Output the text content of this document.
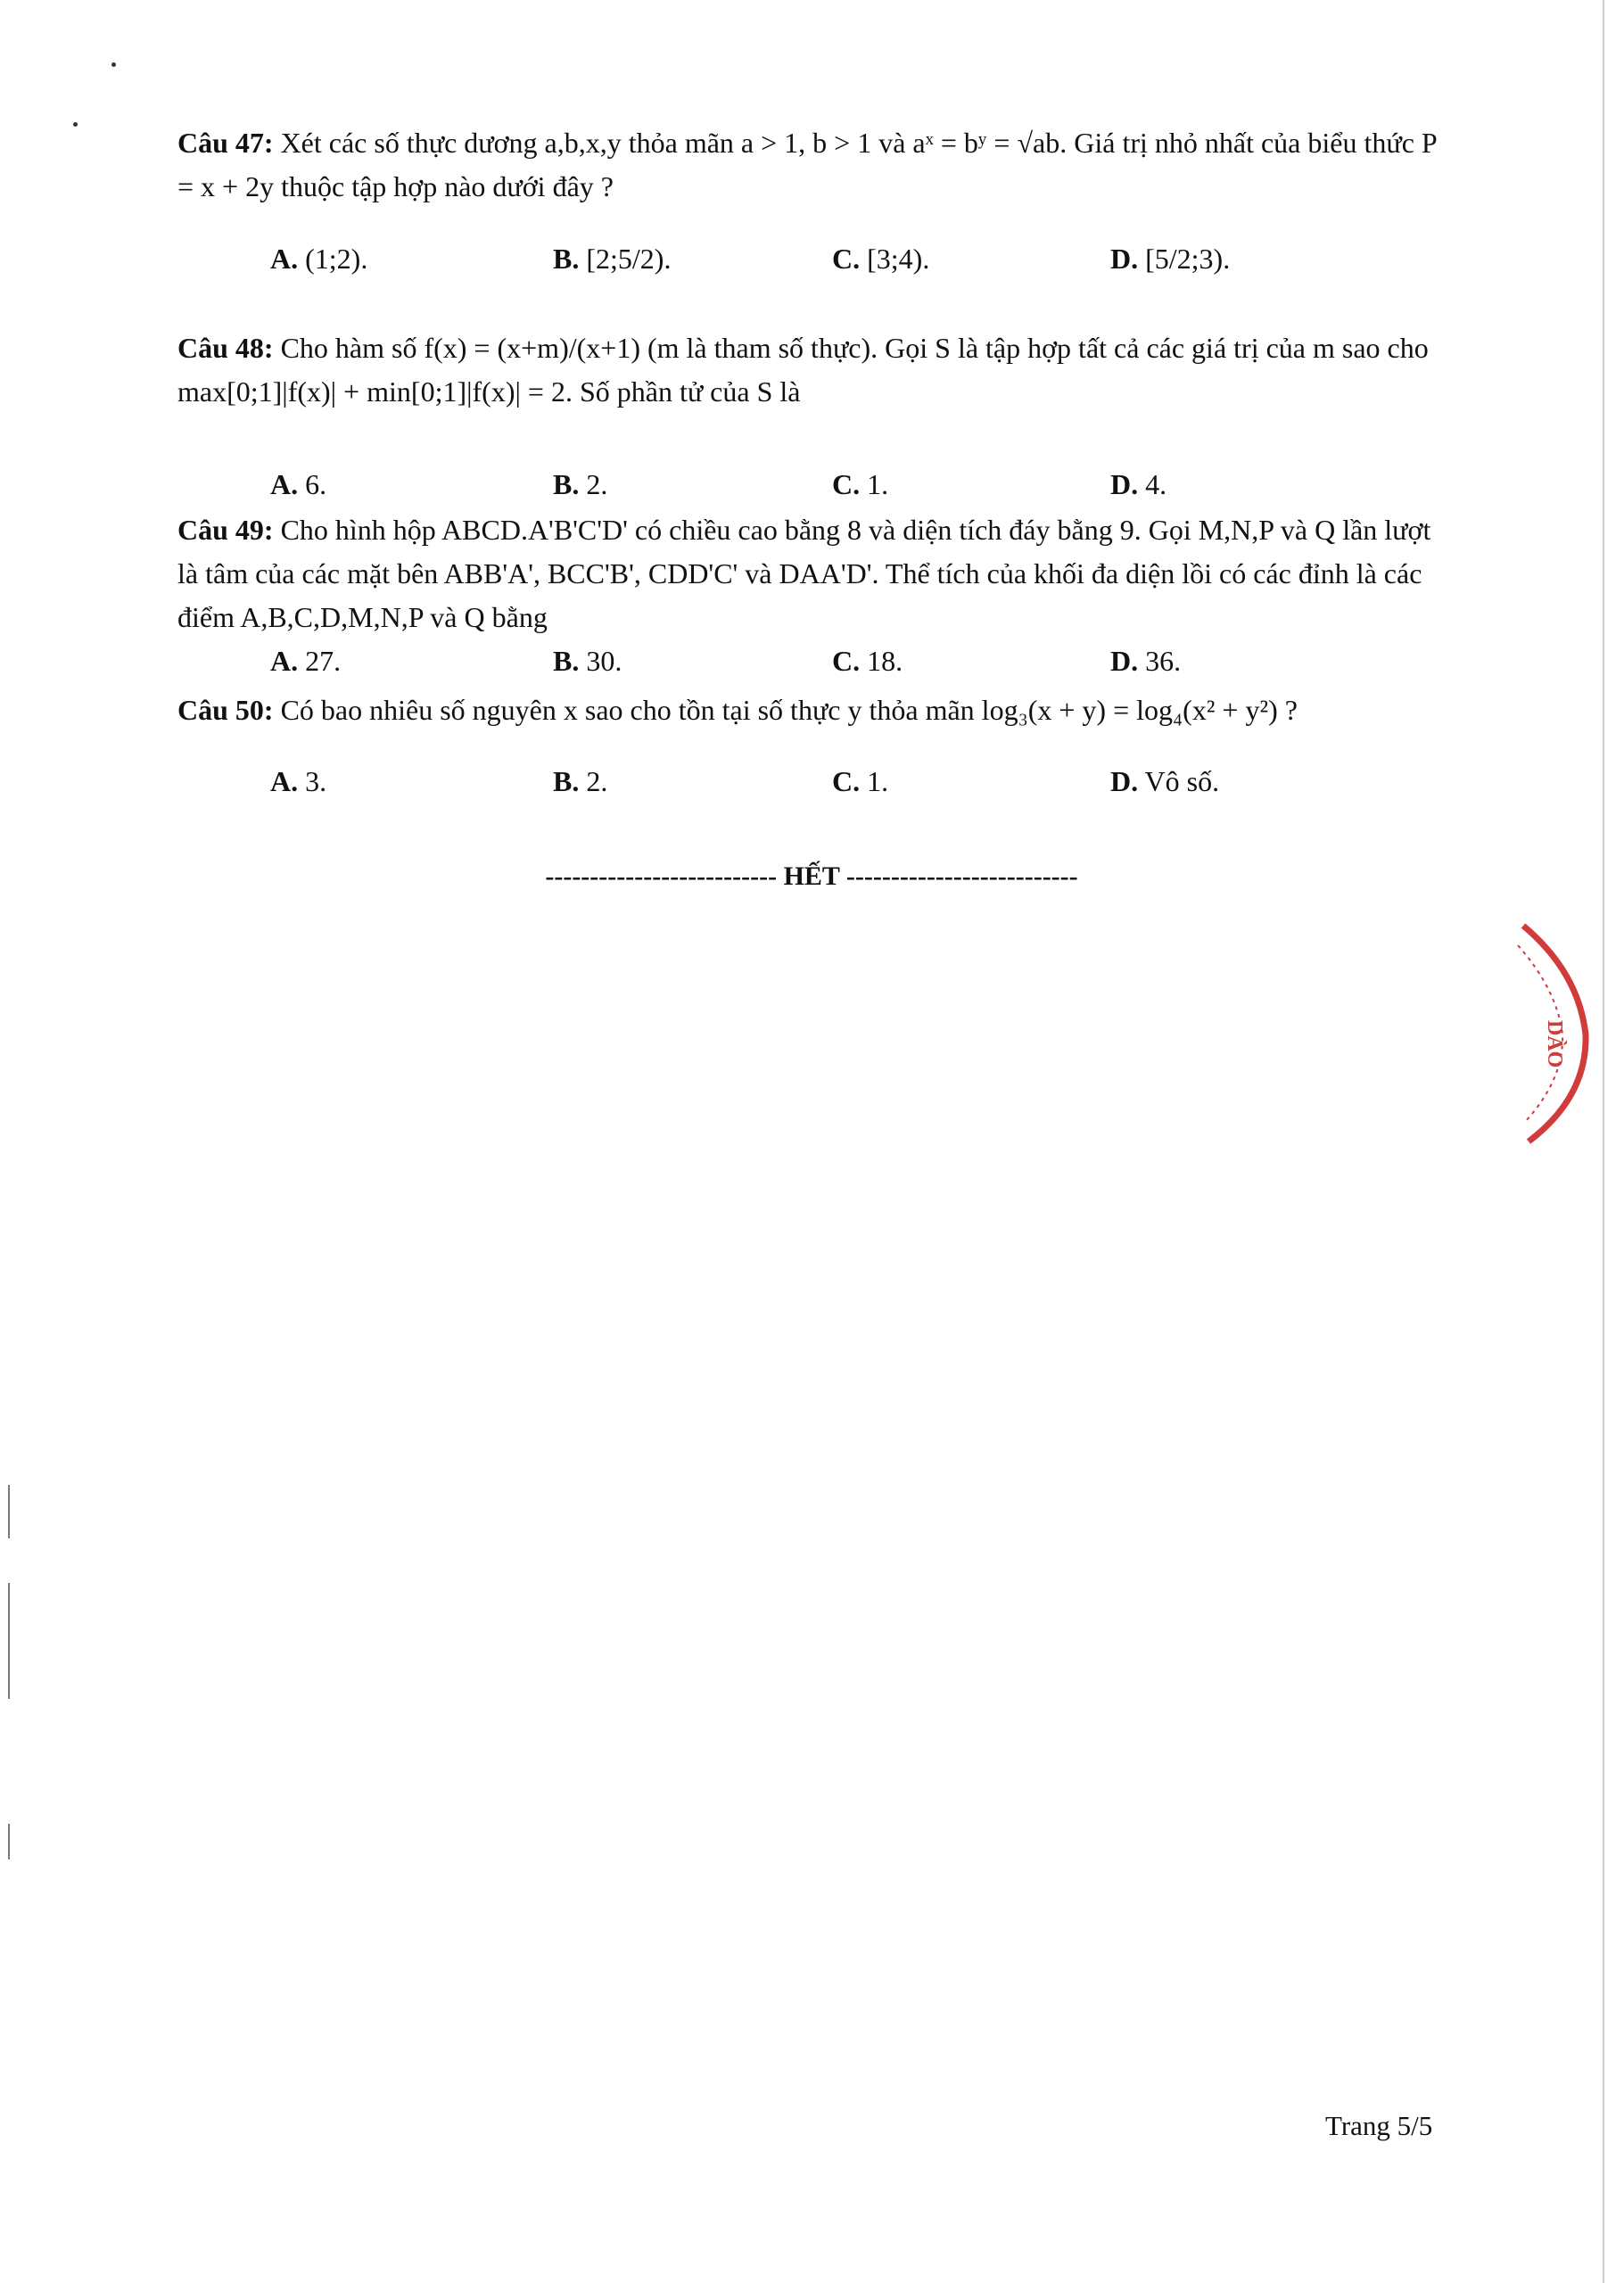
Câu 47: Xét các số thực dương a,b,x,y thỏa mãn a > 1, b > 1 và aˣ = bʸ = √ab. Giá trị nhỏ nhất của biểu thức P = x + 2y thuộc tập hợp nào dưới đây ?
A. (1;2).	B. [2;5/2).	C. [3;4).	D. [5/2;3).
Câu 48: Cho hàm số f(x) = (x+m)/(x+1) (m là tham số thực). Gọi S là tập hợp tất cả các giá trị của m sao cho max[0;1]|f(x)| + min[0;1]|f(x)| = 2. Số phần tử của S là
A. 6.	B. 2.	C. 1.	D. 4.
Câu 49: Cho hình hộp ABCD.A'B'C'D' có chiều cao bằng 8 và diện tích đáy bằng 9. Gọi M,N,P và Q lần lượt là tâm của các mặt bên ABB'A', BCC'B', CDD'C' và DAA'D'. Thể tích của khối đa diện lồi có các đỉnh là các điểm A,B,C,D,M,N,P và Q bằng
A. 27.	B. 30.	C. 18.	D. 36.
Câu 50: Có bao nhiêu số nguyên x sao cho tồn tại số thực y thỏa mãn log₃(x + y) = log₄(x² + y²) ?
A. 3.	B. 2.	C. 1.	D. Vô số.
-------------------------- HẾT --------------------------
DÀO
Trang 5/5
